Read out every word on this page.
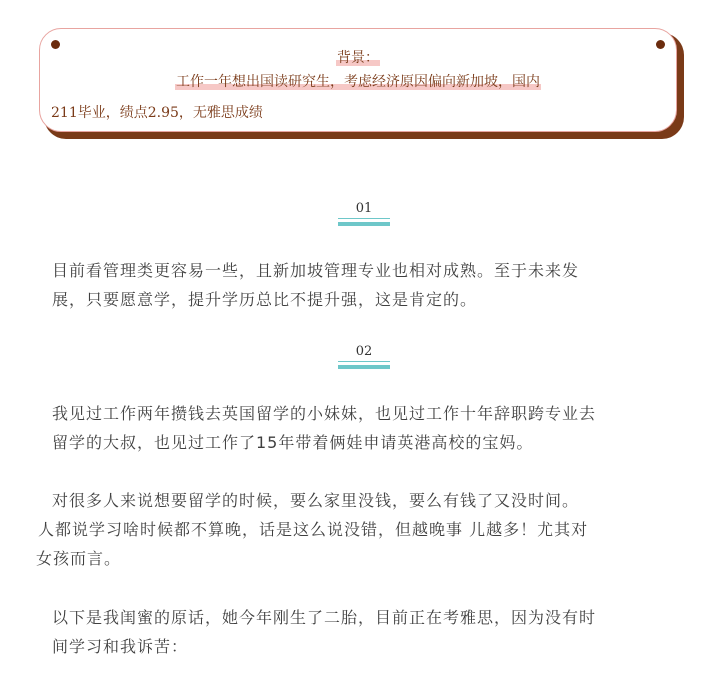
背景：
工作一年想出国读研究生，考虑经济原因偏向新加坡，国内
211毕业，绩点2.95，无雅思成绩
01
目前看管理类更容易一些，且新加坡管理专业也相对成熟。至于未来发
展，只要愿意学，提升学历总比不提升强，这是肯定的。
02
我见过工作两年攒钱去英国留学的小妹妹，也见过工作十年辞职跨专业去
留学的大叔，也见过工作了15年带着俩娃申请英港高校的宝妈。
对很多人来说想要留学的时候，要么家里没钱，要么有钱了又没时间。
人都说学习啥时候都不算晚，话是这么说没错，但越晚事 儿越多！尤其对
女孩而言。
以下是我闺蜜的原话，她今年刚生了二胎，目前正在考雅思，因为没有时
间学习和我诉苦：
